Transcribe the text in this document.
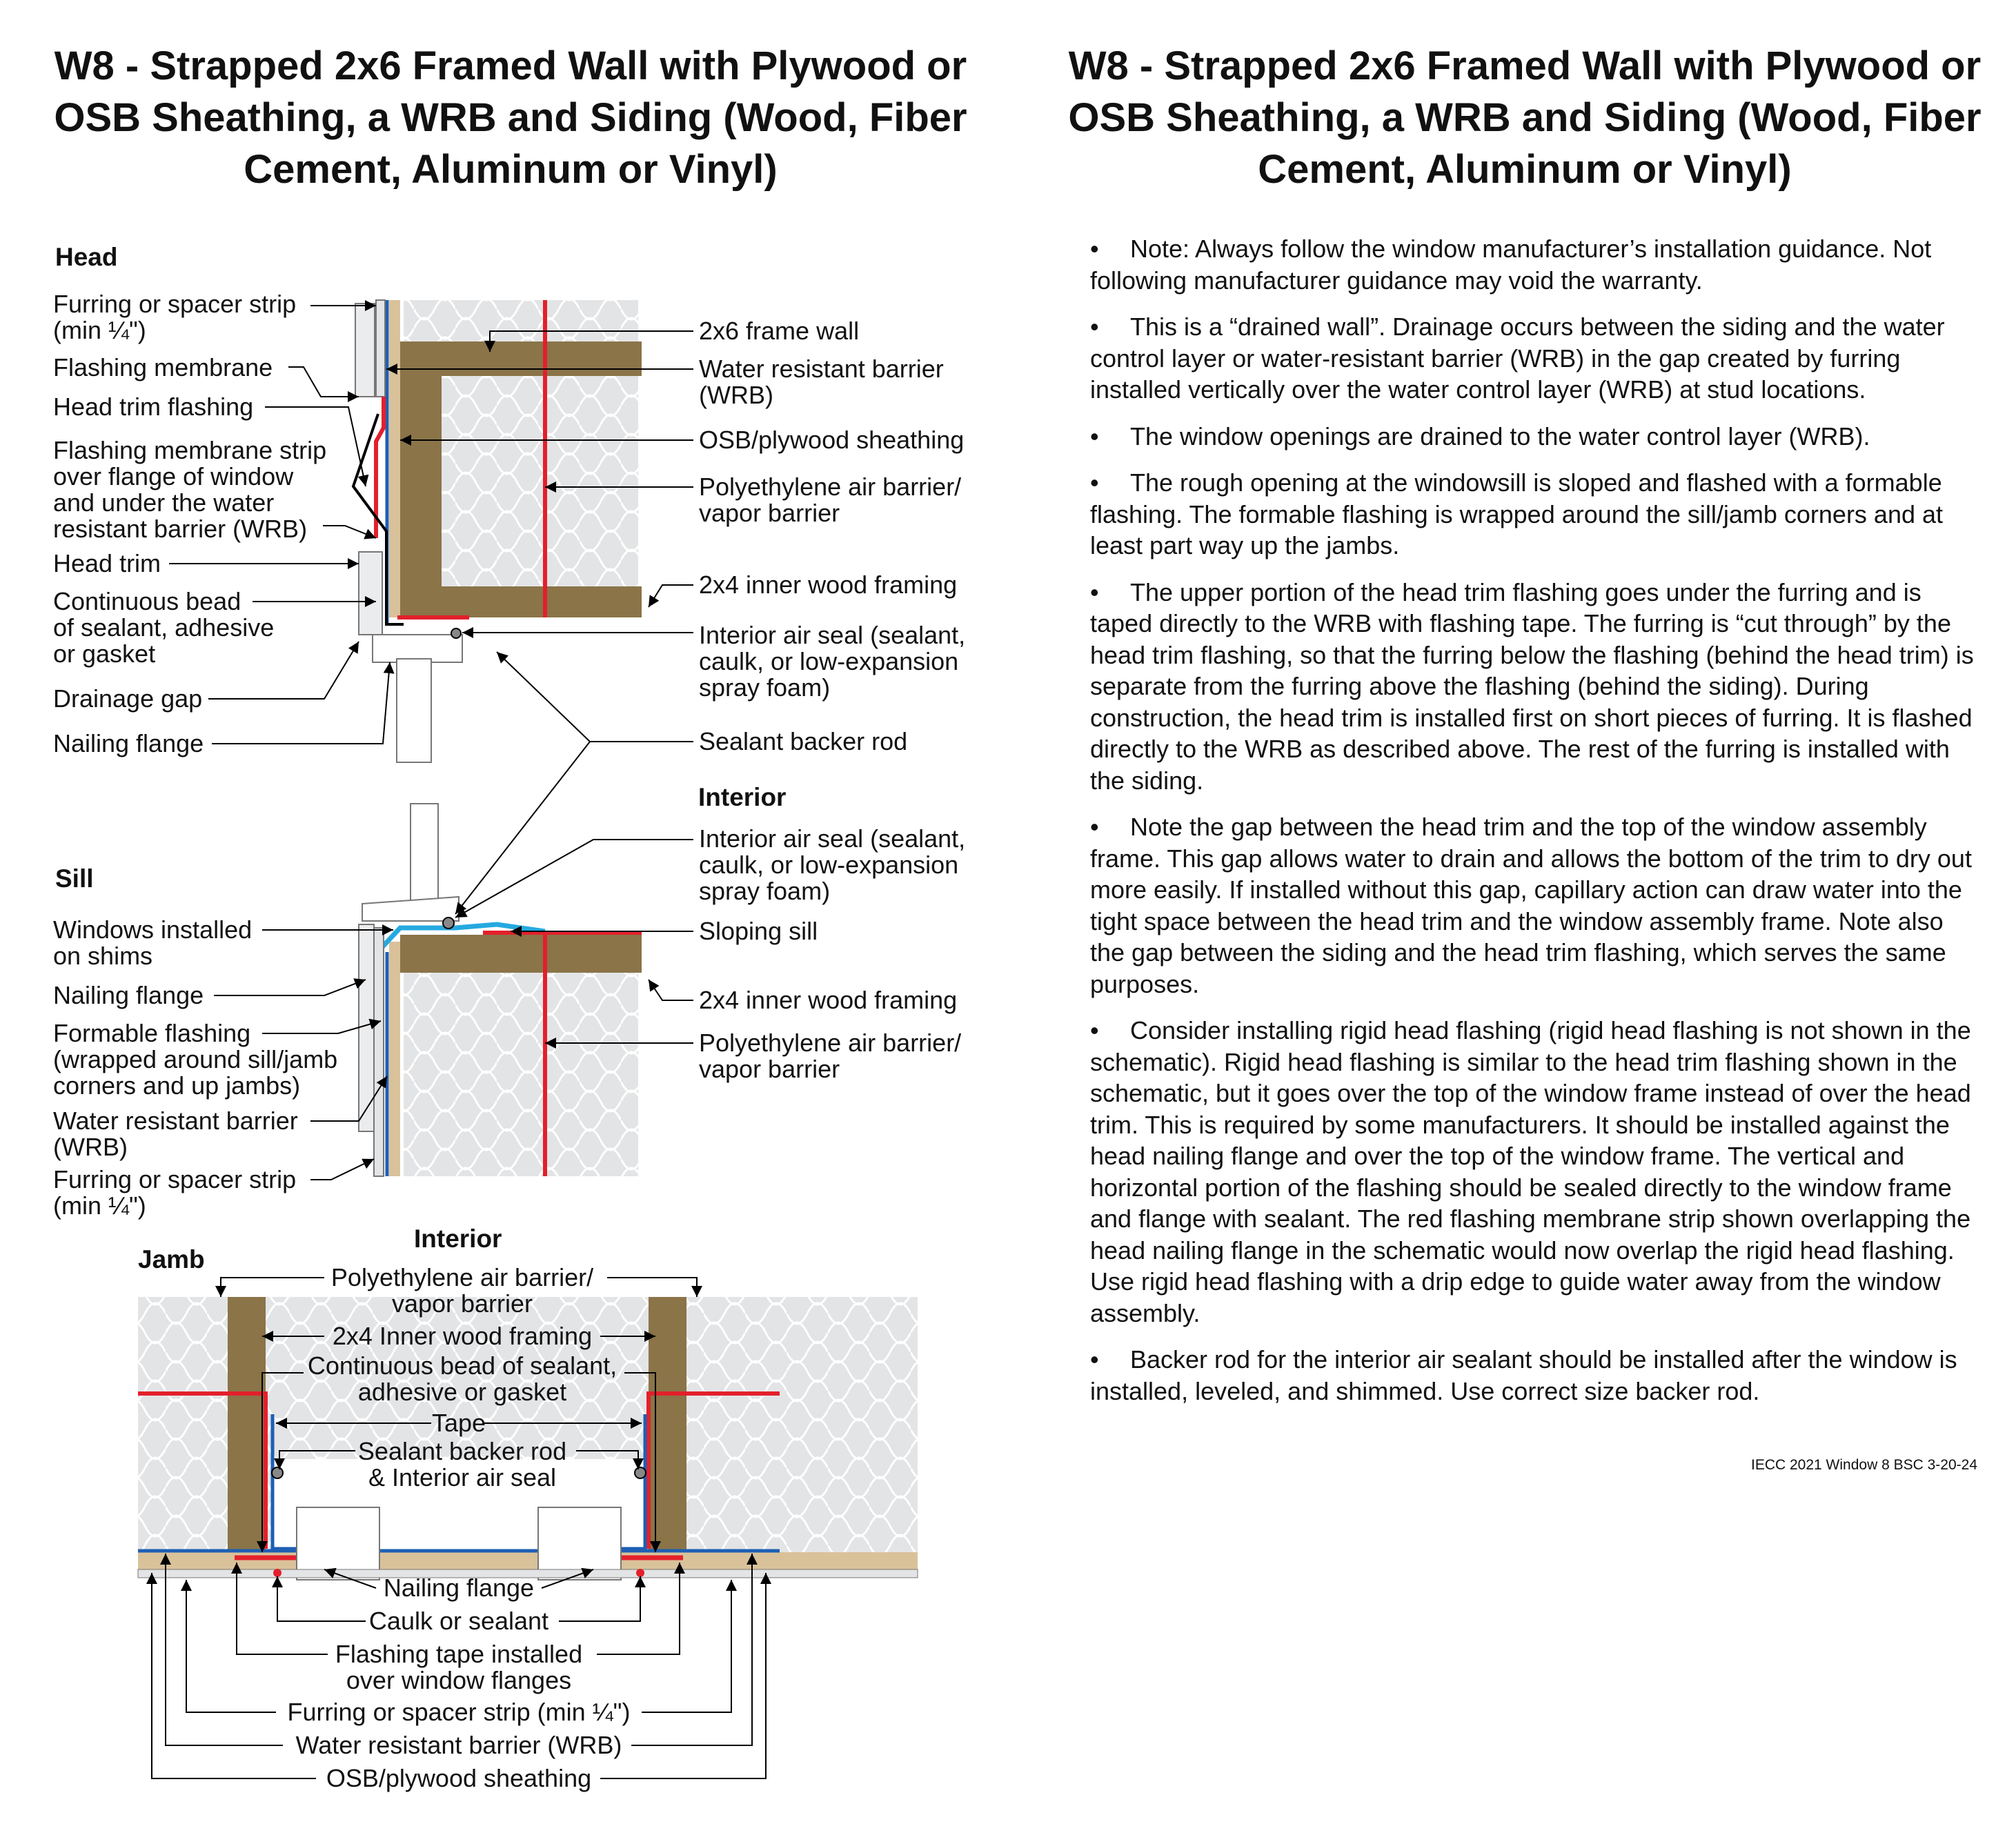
W8 - Strapped 2x6 Framed Wall with Plywood or OSB Sheathing, a WRB and Siding (Wood, Fiber Cement, Aluminum or Vinyl)
W8 - Strapped 2x6 Framed Wall with Plywood or OSB Sheathing, a WRB and Siding (Wood, Fiber Cement, Aluminum or Vinyl)
Head
Sill
Jamb
Interior
Interior
Furring or spacer strip
(min ¼")
Flashing membrane
Head trim flashing
Flashing membrane strip
over flange of window
and under the water
resistant barrier (WRB)
Head trim
Continuous bead
of sealant, adhesive
or gasket
Drainage gap
Nailing flange
2x6 frame wall
Water resistant barrier
(WRB)
OSB/plywood sheathing
Polyethylene air barrier/
vapor barrier
2x4 inner wood framing
Interior air seal (sealant,
caulk, or low-expansion
spray foam)
Sealant backer rod
Interior air seal (sealant,
caulk, or low-expansion
spray foam)
Sloping sill
2x4 inner wood framing
Polyethylene air barrier/
vapor barrier
Windows installed
on shims
Nailing flange
Formable flashing
(wrapped around sill/jamb
corners and up jambs)
Water resistant barrier
(WRB)
Furring or spacer strip
(min ¼")
Polyethylene air barrier/
vapor barrier
2x4 Inner wood framing
Continuous bead of sealant,
adhesive or gasket
Tape
Sealant backer rod
& Interior air seal
Nailing flange
Caulk or sealant
Flashing tape installed
over window flanges
Furring or spacer strip (min ¼")
Water resistant barrier (WRB)
OSB/plywood sheathing

• Note: Always follow the window manufacturer’s installation guidance. Not following manufacturer guidance may void the warranty.

• This is a “drained wall”. Drainage occurs between the siding and the water control layer or water-resistant barrier (WRB) in the gap created by furring installed vertically over the water control layer (WRB) at stud locations.

• The window openings are drained to the water control layer (WRB).

• The rough opening at the windowsill is sloped and flashed with a formable flashing. The formable flashing is wrapped around the sill/jamb corners and at least part way up the jambs.

• The upper portion of the head trim flashing goes under the furring and is taped directly to the WRB with flashing tape. The furring is “cut through” by the head trim flashing, so that the furring below the flashing (behind the head trim) is separate from the furring above the flashing (behind the siding). During construction, the head trim is installed first on short pieces of furring. It is flashed directly to the WRB as described above. The rest of the furring is installed with the siding.

• Note the gap between the head trim and the top of the window assembly frame. This gap allows water to drain and allows the bottom of the trim to dry out more easily. If installed without this gap, capillary action can draw water into the tight space between the head trim and the window assembly frame. Note also the gap between the siding and the head trim flashing, which serves the same purposes.

• Consider installing rigid head flashing (rigid head flashing is not shown in the schematic). Rigid head flashing is similar to the head trim flashing shown in the schematic, but it goes over the top of the window frame instead of over the head trim. This is required by some manufacturers. It should be installed against the head nailing flange and over the top of the window frame. The vertical and horizontal portion of the flashing should be sealed directly to the window frame and flange with sealant. The red flashing membrane strip shown overlapping the head nailing flange in the schematic would now overlap the rigid head flashing. Use rigid head flashing with a drip edge to guide water away from the window assembly.

• Backer rod for the interior air sealant should be installed after the window is installed, leveled, and shimmed. Use correct size backer rod.

IECC 2021 Window 8 BSC 3-20-24
